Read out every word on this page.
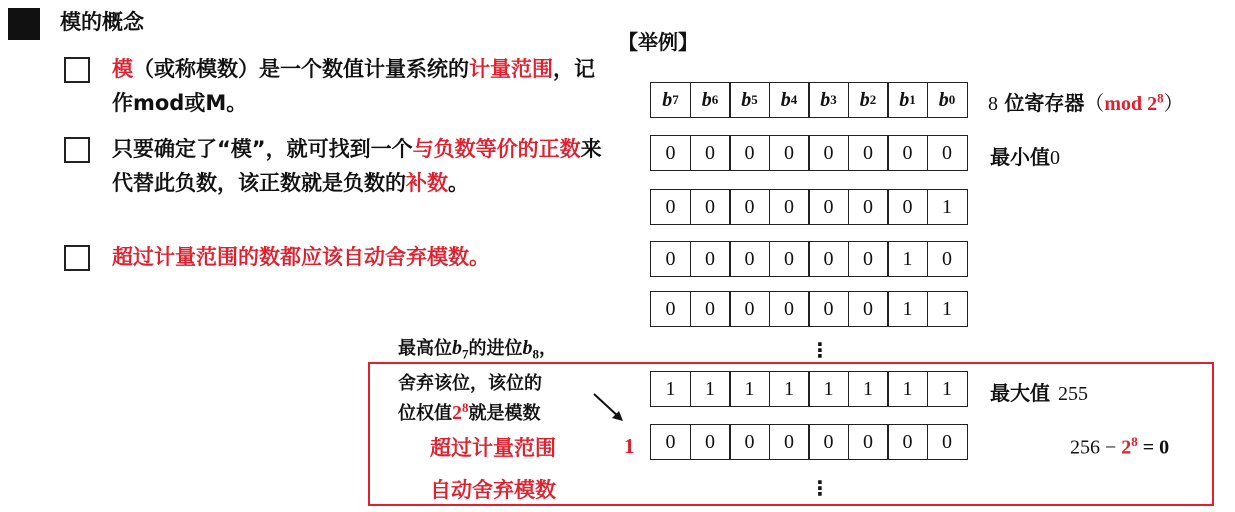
模的概念
【举例】
模（或称模数）是一个数值计量系统的计量范围，记作mod或M。
只要确定了“模”，就可找到一个与负数等价的正数来代替此负数，该正数就是负数的补数。
超过计量范围的数都应该自动舍弃模数。
b 7 b 6 b 5 b 4 b 3 b 2 b 1 b 0 8 位寄存器（mod $2^8$）
0	0	0	0	0	0	0	0	最小值0
0	0	0	0	0	0	0	1
0	0	0	0	0	0	1	0
0	0	0	0	0	0	1	1
1	1	1	1	1	1	1	1	最大值 255
0	0	0	0	0	0	0	0
⋮
⋮
最高位$b_7$的进位$b_8$，
舍弃该位，该位的
位权值$2^8$就是模数
超过计量范围
自动舍弃模数
1	$256 - 2^8 = 0$
